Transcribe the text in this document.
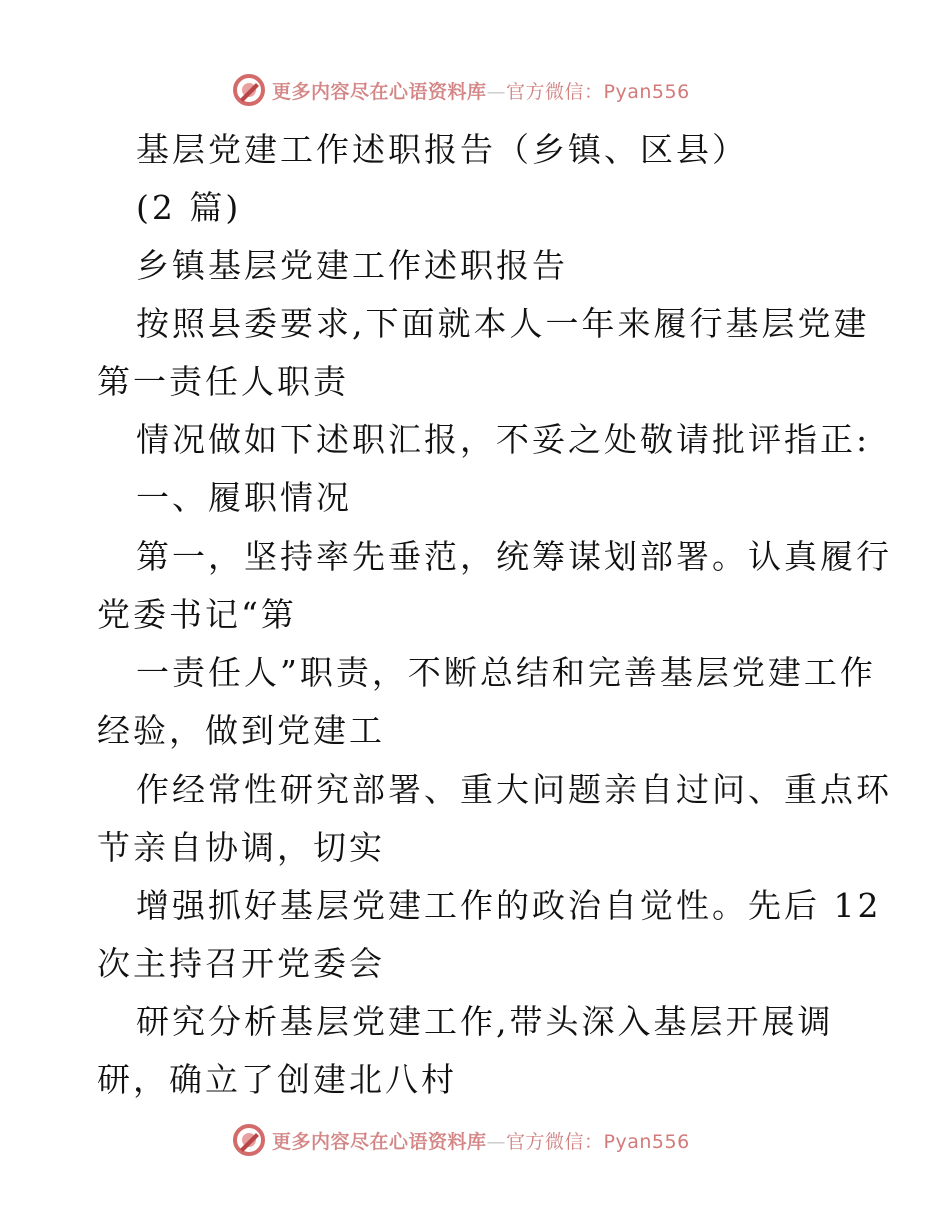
更多内容尽在心语资料库—官方微信：Pyan556
基层党建工作述职报告（乡镇、区县）
(2 篇)
乡镇基层党建工作述职报告
按照县委要求,下面就本人一年来履行基层党建
第一责任人职责
情况做如下述职汇报，不妥之处敬请批评指正:
一、履职情况
第一，坚持率先垂范，统筹谋划部署。认真履行
党委书记“第
一责任人”职责，不断总结和完善基层党建工作
经验，做到党建工
作经常性研究部署、重大问题亲自过问、重点环
节亲自协调，切实
增强抓好基层党建工作的政治自觉性。先后 12
次主持召开党委会
研究分析基层党建工作,带头深入基层开展调
研，确立了创建北八村
更多内容尽在心语资料库—官方微信：Pyan556
